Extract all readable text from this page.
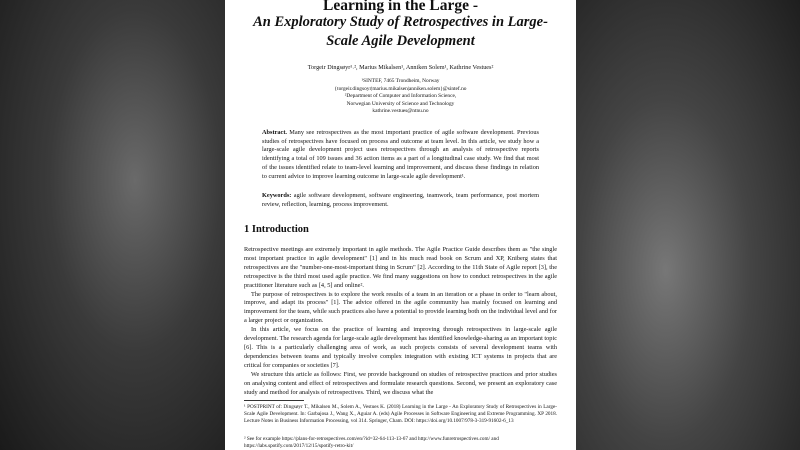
Learning in the Large -
An Exploratory Study of Retrospectives in Large-
Scale Agile Development
Torgeir Dingsøyr¹˒², Marius Mikalsen¹, Anniken Solem¹, Kathrine Vestues²
¹SINTEF, 7465 Trondheim, Norway
{torgeir.dingsoyr|marius.mikalsen|anniken.solem}@sintef.no
²Department of Computer and Information Science,
Norwegian University of Science and Technology
kathrine.vestues@ntnu.no
Abstract. Many see retrospectives as the most important practice of agile software development. Previous studies of retrospectives have focused on process and outcome at team level. In this article, we study how a large-scale agile development project uses retrospectives through an analysis of retrospective reports identifying a total of 109 issues and 36 action items as a part of a longitudinal case study. We find that most of the issues identified relate to team-level learning and improvement, and discuss these findings in relation to current advice to improve learning outcome in large-scale agile development¹.
Keywords: agile software development, software engineering, teamwork, team performance, post mortem review, reflection, learning, process improvement.
1 Introduction

Retrospective meetings are extremely important in agile methods. The Agile Practice Guide describes them as "the single most important practice in agile development" [1] and in his much read book on Scrum and XP, Kniberg states that retrospectives are the "number-one-most-important thing in Scrum" [2]. According to the 11th State of Agile report [3], the retrospective is the third most used agile practice. We find many suggestions on how to conduct retrospectives in the agile practitioner literature such as [4, 5] and online².

The purpose of retrospectives is to explore the work results of a team in an iteration or a phase in order to "learn about, improve, and adapt its process" [1]. The advice offered in the agile community has mainly focused on learning and improvement for the team, while such practices also have a potential to provide learning both on the individual level and for a larger project or organization.

In this article, we focus on the practice of learning and improving through retrospectives in large-scale agile development. The research agenda for large-scale agile development has identified knowledge-sharing as an important topic [6]. This is a particularly challenging area of work, as such projects consists of several development teams with dependencies between teams and typically involve complex integration with existing ICT systems in projects that are critical for companies or societies [7].

We structure this article as follows: First, we provide background on studies of retrospective practices and prior studies on analysing content and effect of retrospectives and formulate research questions. Second, we present an exploratory case study and method for analysis of retrospectives. Third, we discuss what the

¹ POSTPRINT of: Dingsøyr T., Mikalsen M., Solem A., Vestues K. (2018) Learning in the Large - An Exploratory Study of Retrospectives in Large-Scale Agile Development. In: Garbajosa J., Wang X., Aguiar A. (eds) Agile Processes in Software Engineering and Extreme Programming. XP 2018. Lecture Notes in Business Information Processing, vol 314. Springer, Cham. DOI: https://doi.org/10.1007/978-3-319-91602-6_13
² See for example https://plans-for-retrospectives.com/en/?id=32-64-113-13-67 and http://www.funretrospectives.com/ and https://labs.spotify.com/2017/12/15/spotify-retro-kit/
